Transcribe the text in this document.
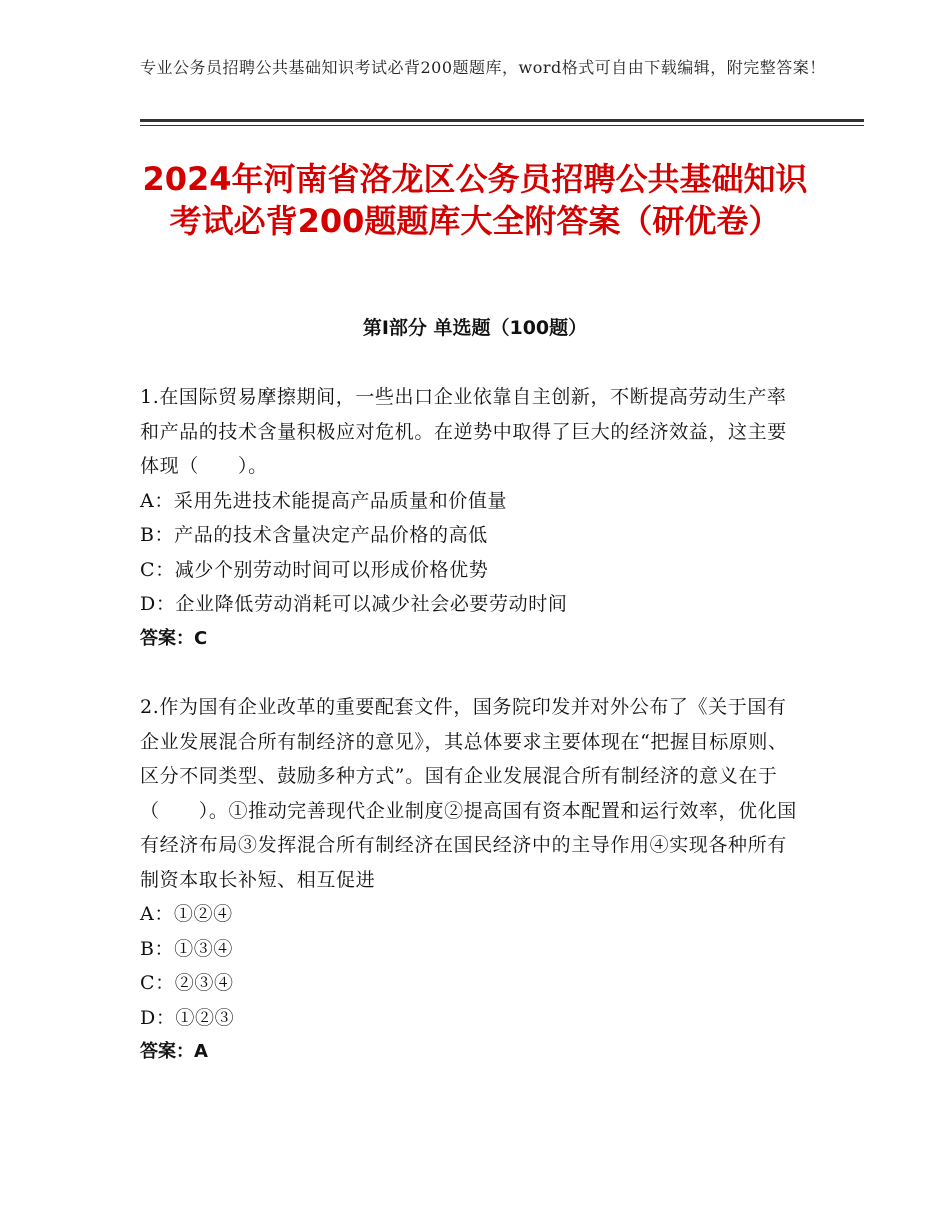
专业公务员招聘公共基础知识考试必背200题题库，word格式可自由下载编辑，附完整答案！
2024年河南省洛龙区公务员招聘公共基础知识考试必背200题题库大全附答案（研优卷）
第Ⅰ部分 单选题（100题）

1.在国际贸易摩擦期间，一些出口企业依靠自主创新，不断提高劳动生产率和产品的技术含量积极应对危机。在逆势中取得了巨大的经济效益，这主要体现（　　）。

A：采用先进技术能提高产品质量和价值量

B：产品的技术含量决定产品价格的高低

C：减少个别劳动时间可以形成价格优势

D：企业降低劳动消耗可以减少社会必要劳动时间

答案：C

2.作为国有企业改革的重要配套文件，国务院印发并对外公布了《关于国有企业发展混合所有制经济的意见》，其总体要求主要体现在“把握目标原则、区分不同类型、鼓励多种方式”。国有企业发展混合所有制经济的意义在于（　　）。①推动完善现代企业制度②提高国有资本配置和运行效率，优化国有经济布局③发挥混合所有制经济在国民经济中的主导作用④实现各种所有制资本取长补短、相互促进

A：①②④

B：①③④

C：②③④

D：①②③

答案：A
